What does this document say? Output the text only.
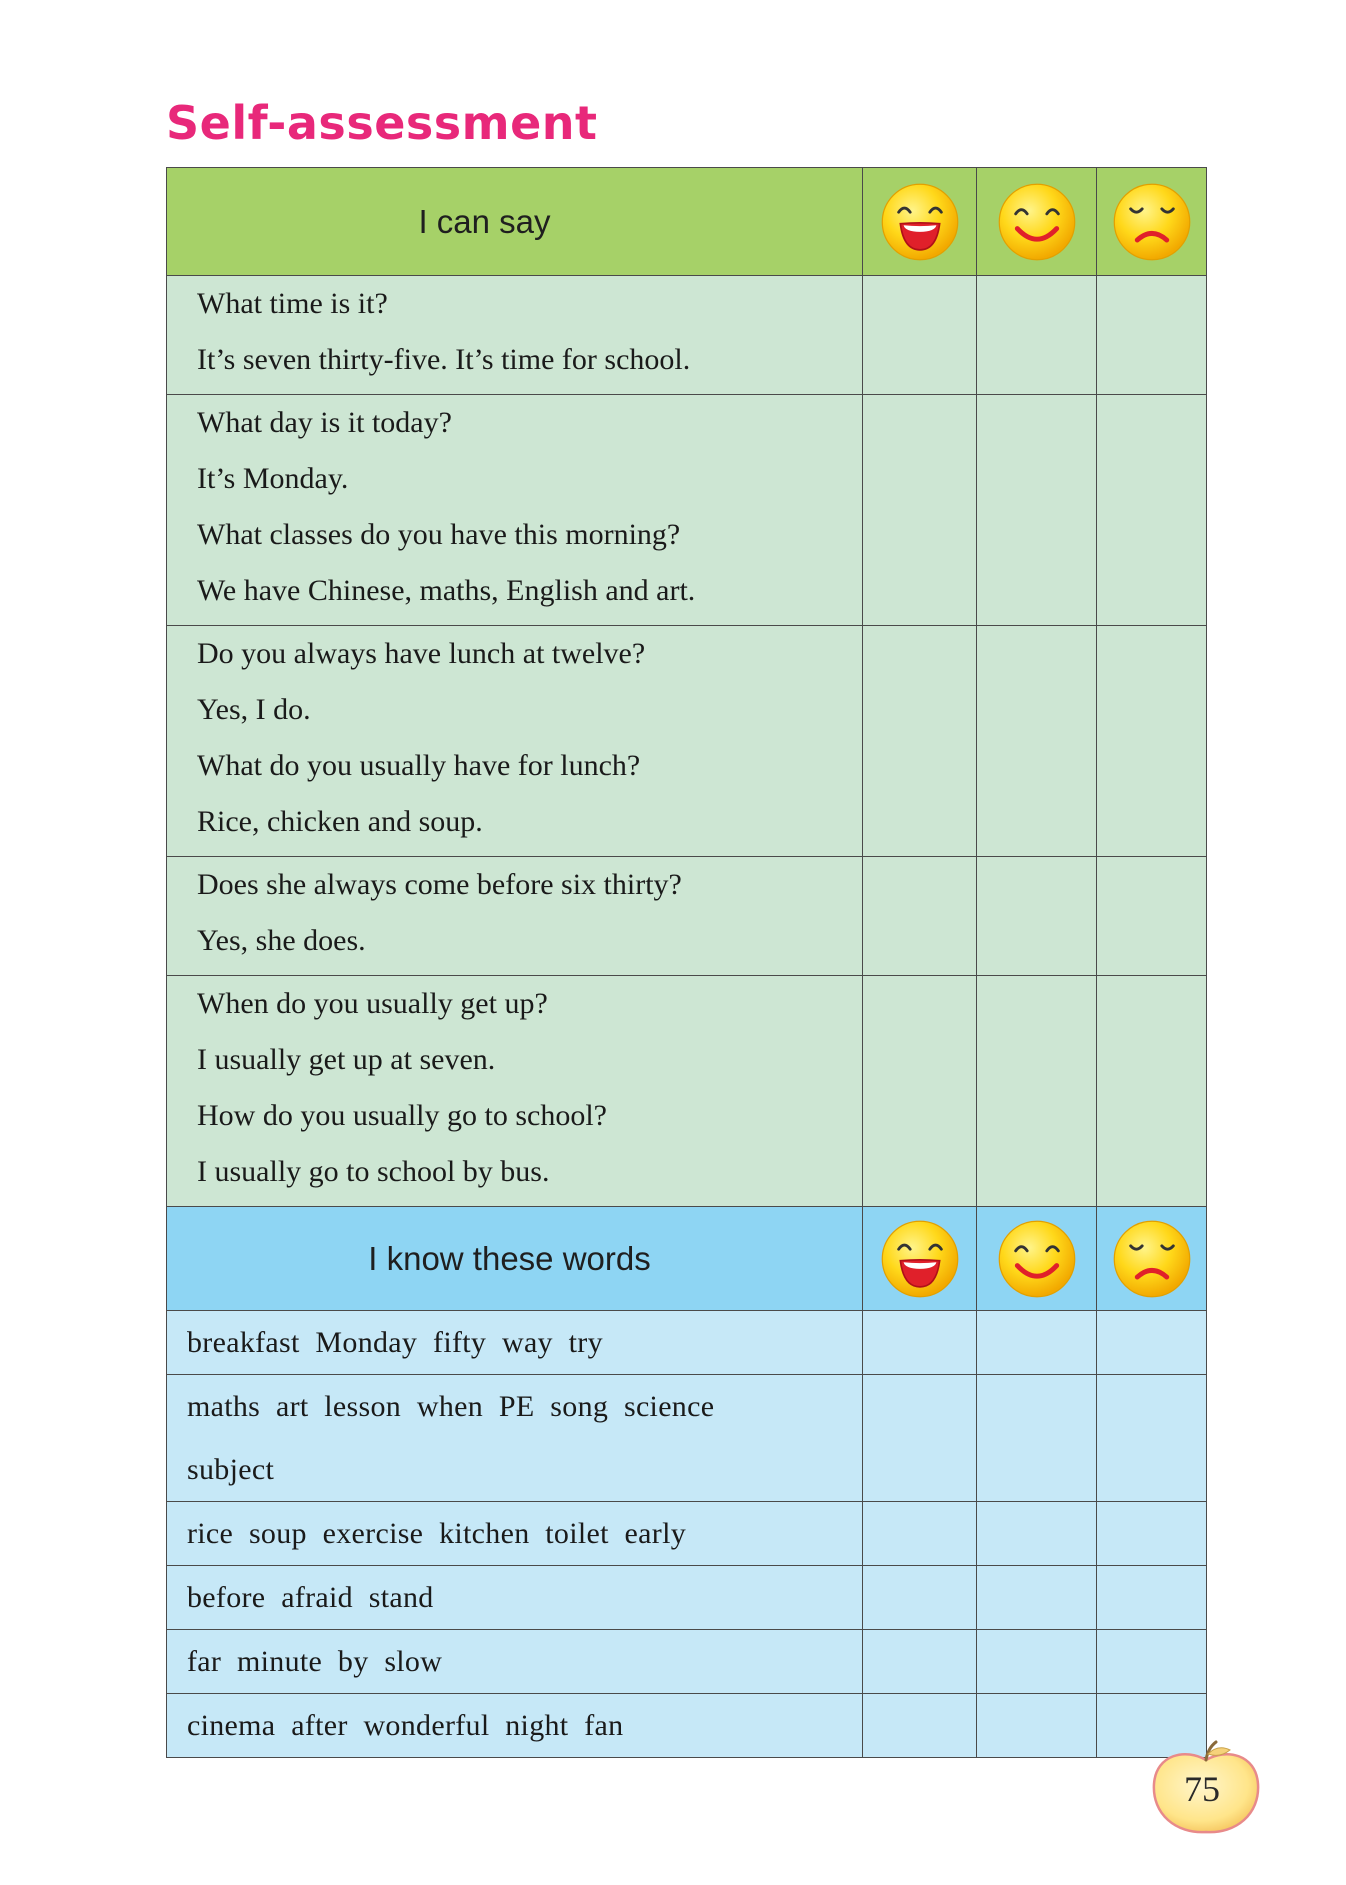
Self-assessment
I can say			

What time is it?
It’s seven thirty-five. It’s time for school.			

What day is it today?
It’s Monday.
What classes do you have this morning?
We have Chinese, maths, English and art.			

Do you always have lunch at twelve?
Yes, I do.
What do you usually have for lunch?
Rice, chicken and soup.			

Does she always come before six thirty?
Yes, she does.			

When do you usually get up?
I usually get up at seven.
How do you usually go to school?
I usually go to school by bus.			

I know these words			

breakfast Monday fifty way try			

maths art lesson when PE song science
subject			

rice soup exercise kitchen toilet early			

before afraid stand			

far minute by slow			

cinema after wonderful night fan			

75
